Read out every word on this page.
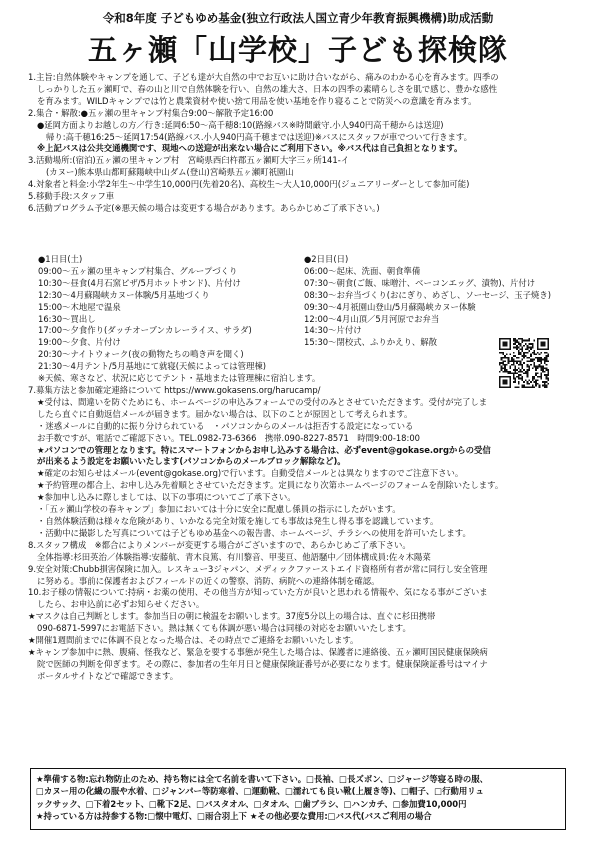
令和8年度 子どもゆめ基金(独立行政法人国立青少年教育振興機構)助成活動
五ヶ瀬「山学校」子ども探検隊

1.主旨:自然体験やキャンプを通して、子ども達が大自然の中でお互いに助け合いながら、痛みのわかる心を育みます。四季の

しっかりした五ヶ瀬町で、春の山と川で自然体験を行い、自然の雄大さ、日本の四季の素晴らしさを肌で感じ、豊かな感性

を育みます。WILDキャンプでは竹と農業資材や使い捨て用品を使い基地を作り寝ることで防災への意識を育みます。

2.集合・解散:●五ヶ瀬の里キャンプ村集合9:00〜解散予定16:00

●延岡方面よりお越しの方／行き:延岡6:50〜高千穂8:10(路線バス※時間厳守.小人940円高千穂からは送迎)

帰り:高千穂16:25〜延岡17:54(路線バス.小人940円高千穂までは送迎)※バスにスタッフが車でついて行きます。

※上記バスは公共交通機関です、現地への送迎が出来ない場合にご利用下さい。※バス代は自己負担となります。

3.活動場所:(宿泊)五ヶ瀬の里キャンプ村　宮崎県西臼杵郡五ヶ瀬町大字三ヶ所141-イ

(カヌー)熊本県山都町蘇陽峡中山ダム(登山)宮崎県五ヶ瀬町祇園山

4.対象者と料金:小学2年生〜中学生10,000円(先着20名)、高校生〜大人10,000円(ジュニアリーダーとして参加可能)

5.移動手段:スタッフ車

6.活動プログラム予定(※悪天候の場合は変更する場合があります。あらかじめご了承下さい。)

●1日目(土)

09:00〜五ヶ瀬の里キャンプ村集合、グループづくり

10:30〜昼食(4月石窯ピザ/5月ホットサンド)、片付け

12:30〜4月蘇陽峡カヌー体験/5月基地づくり

15:00〜木地屋で温泉

16:30〜買出し

17:00〜夕食作り(ダッチオーブンカレーライス、サラダ)

19:00〜夕食、片付け

20:30〜ナイトウォーク(夜の動物たちの鳴き声を聞く)

21:30〜4月テント/5月基地にて就寝(天候によっては管理棟)

※天候、寒さなど、状況に応じてテント・基地または管理棟に宿泊します。

●2日目(日)

06:00〜起床、洗面、朝食準備

07:30〜朝食(ご飯、味噌汁、ベーコンエッグ、漬物)、片付け

08:30〜お弁当づくり(おにぎり、めざし、ソーセージ、玉子焼き)

09:30〜4月祇園山登山/5月蘇陽峡カヌー体験

12:00〜4月山頂／5月河原でお弁当

14:30〜片付け

15:30〜閉校式、ふりかえり、解散

7.募集方法と参加確定連絡について https://www.gokasens.org/harucamp/

★受付は、間違いを防ぐためにも、ホームページの申込みフォームでの受付のみとさせていただきます。受付が完了しま

したら直ぐに自動返信メールが届きます。届かない場合は、以下のことが原因として考えられます。

・迷惑メールに自動的に振り分けられている　・パソコンからのメールは拒否する設定になっている

お手数ですが、電話でご確認下さい。TEL.0982-73-6366　携帯.090-8227-8571　時間9:00-18:00

★パソコンでの管理となります。特にスマートフォンからお申し込みする場合は、必ずevent@gokase.orgからの受信

が出来るよう設定をお願いいたします(パソコンからのメールブロック解除など)。

★確定のお知らせはメール(event@gokase.org)で行います。自動受信メールとは異なりますのでご注意下さい。

★予約管理の都合上、お申し込み先着順とさせていただきます。定員になり次第ホームページのフォームを削除いたします。

★参加申し込みに際しましては、以下の事項についてご了承下さい。

・「五ヶ瀬山学校の春キャンプ」参加においては十分に安全に配慮し係員の指示にしたがいます。

・自然体験活動は様々な危険があり、いかなる完全対策を施しても事故は発生し得る事を認識しています。

・活動中に撮影した写真については子どもゆめ基金への報告書、ホームページ、チラシへの使用を許可いたします。

8.スタッフ構成　※都合によりメンバーが変更する場合がございますので、あらかじめご了承下さい。

全体指導:杉田英治／体験指導:安藤航、青木良篤、有川黎音、甲斐亘、他語騒中／団体構成員:佐々木陽菜

9.安全対策:Chubb損害保険に加入。レスキュー3ジャパン、メディックファーストエイド資格所有者が常に同行し安全管理

に努める。事前に保護者およびフィールドの近くの警察、消防、病院への連絡体制を確認。

10.お子様の情報について:持病・お薬の使用、その他当方が知っていた方が良いと思われる情報や、気になる事がございま

したら、お申込前に必ずお知らせください。

★マスクは自己判断とします。参加当日の朝に検温をお願いします。37度5分以上の場合は、直ぐに杉田携帯

090-6871-5997にお電話下さい。熱は無くても体調が悪い場合は同様の対応をお願いいたします。

★開催1週間前までに体調不良となった場合は、その時点でご連絡をお願いいたします。

★キャンプ参加中に熱、腹痛、怪我など、緊急を要する事態が発生した場合は、保護者に連絡後、五ヶ瀬町国民健康保険病

院で医師の判断を仰ぎます。その際に、参加者の生年月日と健康保険証番号が必要になります。健康保険証番号はマイナ

ポータルサイトなどで確認できます。

★準備する物:忘れ物防止のため、持ち物には全て名前を書いて下さい。□長袖、□長ズボン、□ジャージ等寝る時の服、

□カヌー用の化繊の服や水着、□ジャンパー等防寒着、□運動靴、□濡れても良い靴(上履き等)、□帽子、□行動用リュ

ックサック、□下着2セット、□靴下2足、□バスタオル、□タオル、□歯ブラシ、□ハンカチ、□参加費10,000円

★持っている方は持参する物:□懐中電灯、□雨合羽上下 ★その他必要な費用:□バス代(バスご利用の場合
